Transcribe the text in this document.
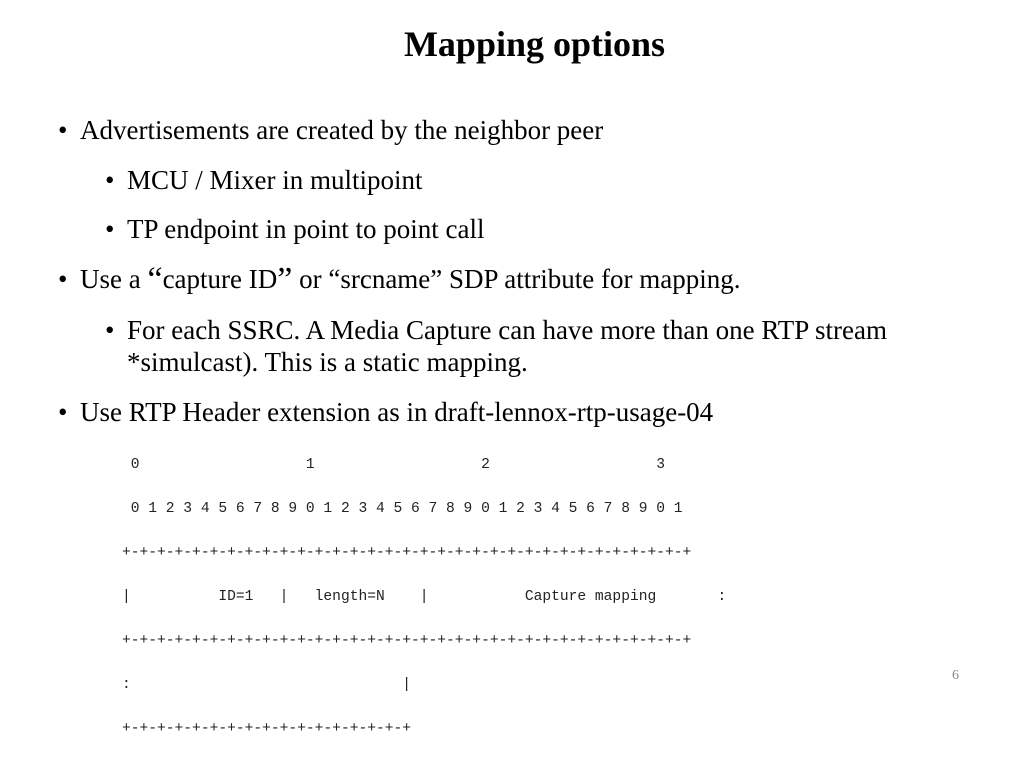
Mapping options
• Advertisements are created by the neighbor peer
• MCU / Mixer in multipoint
• TP endpoint in point to point call
• Use a “capture ID” or “srcname” SDP attribute for mapping.
• For each SSRC. A Media Capture can have more than one RTP stream *simulcast). This is a static mapping.
• Use RTP Header extension as in draft-lennox-rtp-usage-04

0                   1                   2                   3

0 1 2 3 4 5 6 7 8 9 0 1 2 3 4 5 6 7 8 9 0 1 2 3 4 5 6 7 8 9 0 1

+-+-+-+-+-+-+-+-+-+-+-+-+-+-+-+-+-+-+-+-+-+-+-+-+-+-+-+-+-+-+-+-+

|          ID=1   |   length=N    |           Capture mapping       :

+-+-+-+-+-+-+-+-+-+-+-+-+-+-+-+-+-+-+-+-+-+-+-+-+-+-+-+-+-+-+-+-+

:                               |

+-+-+-+-+-+-+-+-+-+-+-+-+-+-+-+-+

6
